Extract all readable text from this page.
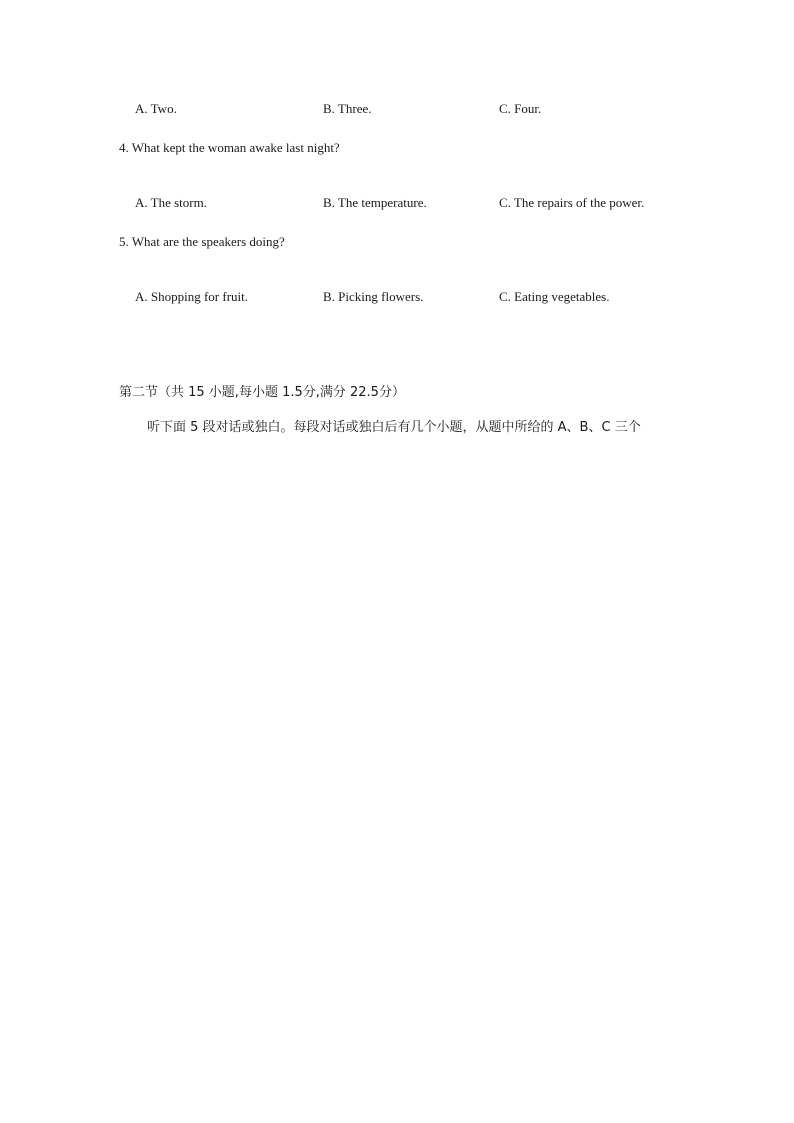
A. Two.	B. Three.	C. Four.
4. What kept the woman awake last night?
A. The storm.	B. The temperature.	C. The repairs of the power.
5. What are the speakers doing?
A. Shopping for fruit.	B. Picking flowers.	C. Eating vegetables.
第二节（共 15 小题,每小题 1.5分,满分 22.5分）
听下面 5 段对话或独白。每段对话或独白后有几个小题，从题中所给的 A、B、C 三个
